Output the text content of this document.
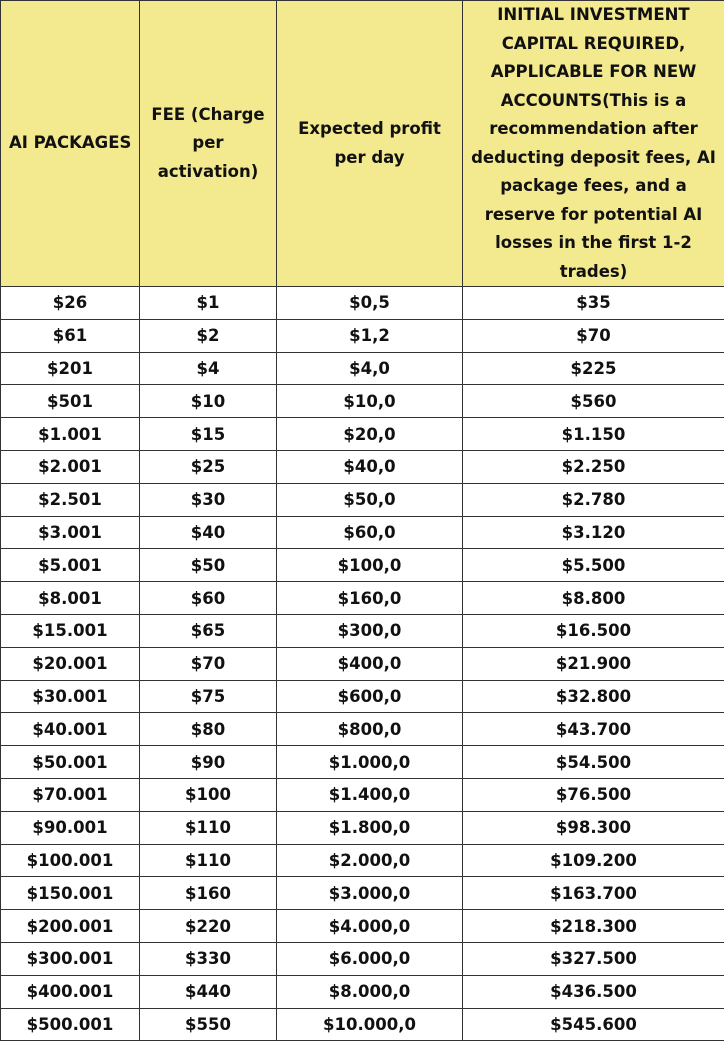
AI PACKAGES	FEE (Charge per activation)	Expected profit per day	INITIAL INVESTMENT CAPITAL REQUIRED, APPLICABLE FOR NEW ACCOUNTS(This is a recommendation after deducting deposit fees, AI package fees, and a reserve for potential AI losses in the first 1-2 trades)
$26	$1	$0,5	$35
$61	$2	$1,2	$70
$201	$4	$4,0	$225
$501	$10	$10,0	$560
$1.001	$15	$20,0	$1.150
$2.001	$25	$40,0	$2.250
$2.501	$30	$50,0	$2.780
$3.001	$40	$60,0	$3.120
$5.001	$50	$100,0	$5.500
$8.001	$60	$160,0	$8.800
$15.001	$65	$300,0	$16.500
$20.001	$70	$400,0	$21.900
$30.001	$75	$600,0	$32.800
$40.001	$80	$800,0	$43.700
$50.001	$90	$1.000,0	$54.500
$70.001	$100	$1.400,0	$76.500
$90.001	$110	$1.800,0	$98.300
$100.001	$110	$2.000,0	$109.200
$150.001	$160	$3.000,0	$163.700
$200.001	$220	$4.000,0	$218.300
$300.001	$330	$6.000,0	$327.500
$400.001	$440	$8.000,0	$436.500
$500.001	$550	$10.000,0	$545.600
